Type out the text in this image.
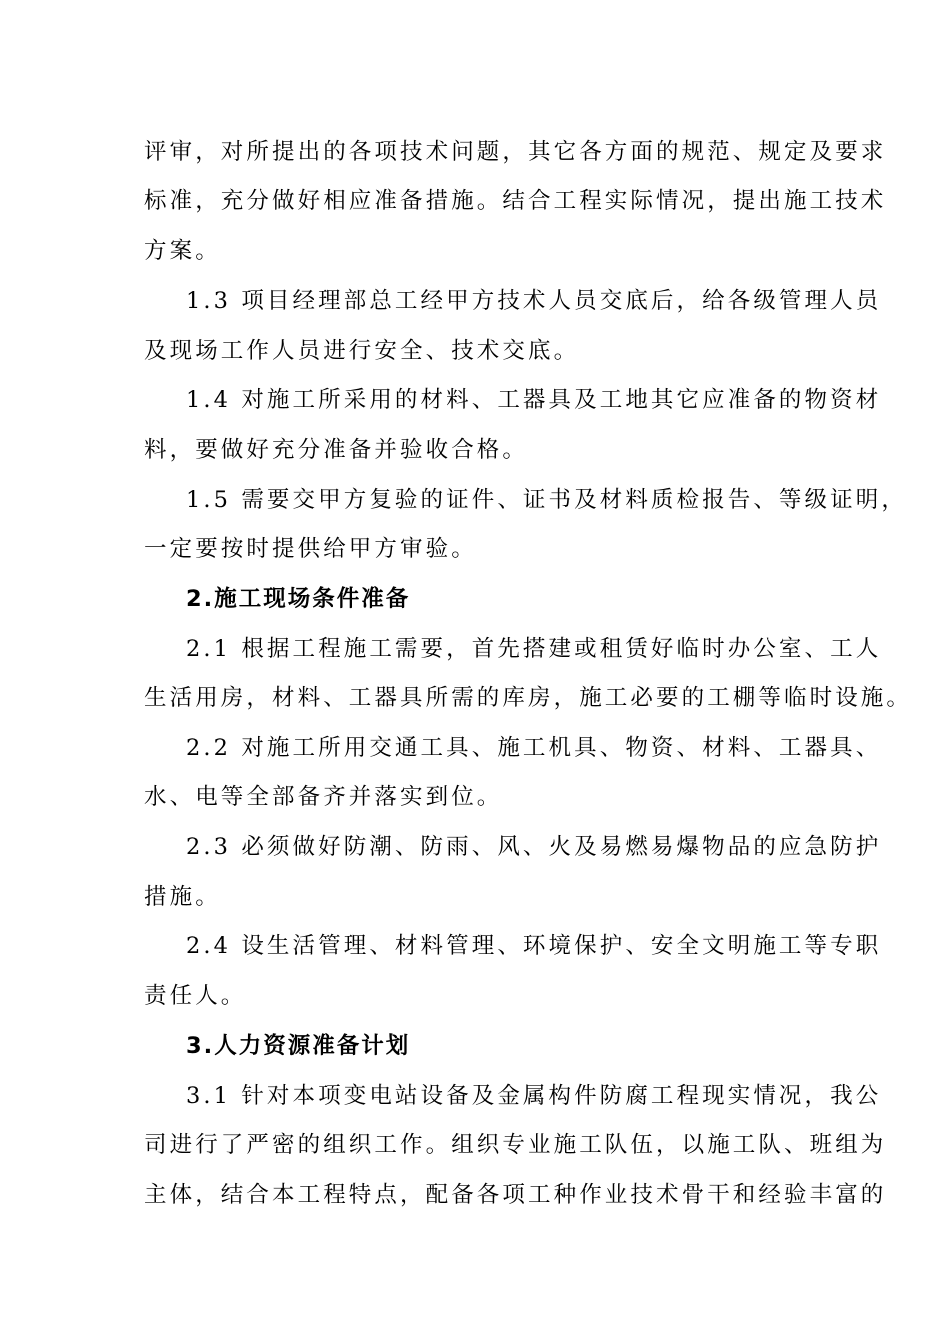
评审，对所提出的各项技术问题，其它各方面的规范、规定及要求
标准，充分做好相应准备措施。结合工程实际情况，提出施工技术
方案。
1.3 项目经理部总工经甲方技术人员交底后，给各级管理人员
及现场工作人员进行安全、技术交底。
1.4 对施工所采用的材料、工器具及工地其它应准备的物资材
料，要做好充分准备并验收合格。
1.5 需要交甲方复验的证件、证书及材料质检报告、等级证明，
一定要按时提供给甲方审验。
2.施工现场条件准备
2.1 根据工程施工需要，首先搭建或租赁好临时办公室、工人
生活用房，材料、工器具所需的库房，施工必要的工棚等临时设施。
2.2 对施工所用交通工具、施工机具、物资、材料、工器具、
水、电等全部备齐并落实到位。
2.3 必须做好防潮、防雨、风、火及易燃易爆物品的应急防护
措施。
2.4 设生活管理、材料管理、环境保护、安全文明施工等专职
责任人。
3.人力资源准备计划
3.1 针对本项变电站设备及金属构件防腐工程现实情况，我公
司进行了严密的组织工作。组织专业施工队伍，以施工队、班组为
主体，结合本工程特点，配备各项工种作业技术骨干和经验丰富的
